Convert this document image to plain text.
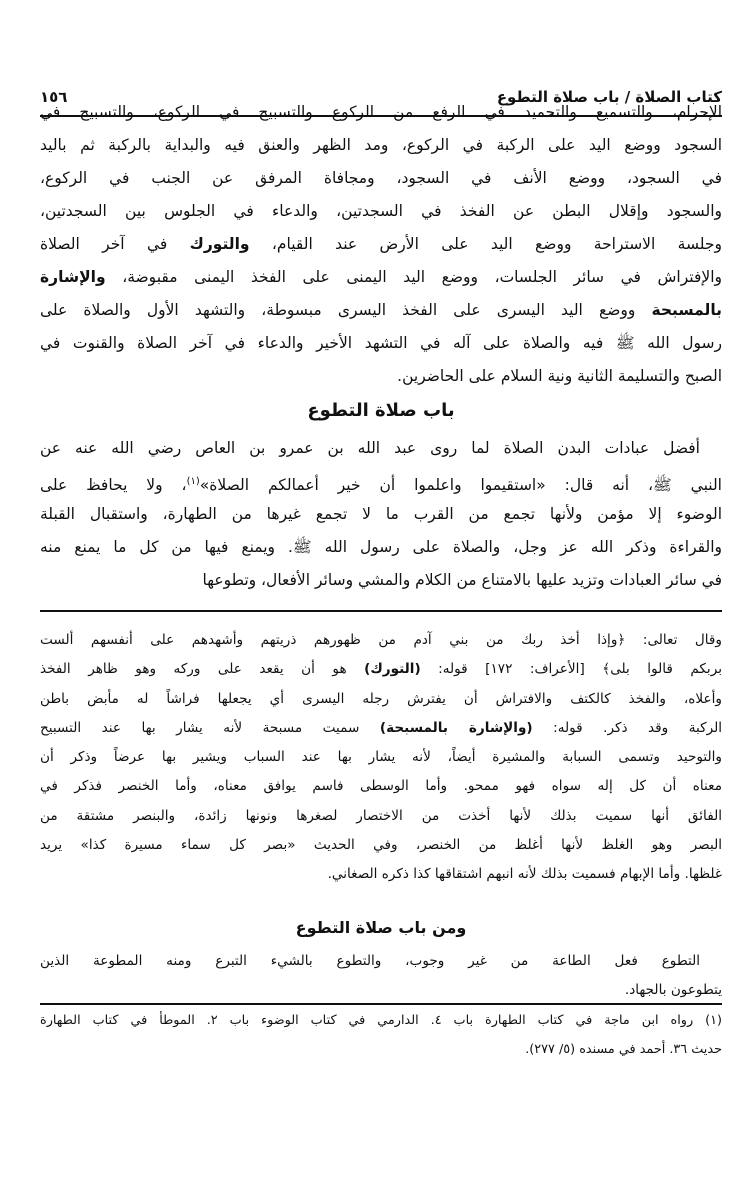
كتاب الصلاة / باب صلاة التطوع
١٥٦
الإحرام، والتسميع والتحميد في الرفع من الركوع والتسبيح في الركوع، والتسبيح في
السجود ووضع اليد على الركبة في الركوع، ومد الظهر والعنق فيه والبداية بالركبة ثم باليد
في السجود، ووضع الأنف في السجود، ومجافاة المرفق عن الجنب في الركوع،
والسجود وإقلال البطن عن الفخذ في السجدتين، والدعاء في الجلوس بين السجدتين،
وجلسة الاستراحة ووضع اليد على الأرض عند القيام، والتورك في آخر الصلاة
والإفتراش في سائر الجلسات، ووضع اليد اليمنى على الفخذ اليمنى مقبوضة، والإشارة
بالمسبحة ووضع اليد اليسرى على الفخذ اليسرى مبسوطة، والتشهد الأول والصلاة على
رسول الله ﷺ فيه والصلاة على آله في التشهد الأخير والدعاء في آخر الصلاة والقنوت في
الصبح والتسليمة الثانية ونية السلام على الحاضرين.
باب صلاة التطوع
أفضل عبادات البدن الصلاة لما روى عبد الله بن عمرو بن العاص رضي الله عنه عن
النبي ﷺ، أنه قال: «استقيموا واعلموا أن خير أعمالكم الصلاة»$^{(١)}$، ولا يحافظ على
الوضوء إلا مؤمن ولأنها تجمع من القرب ما لا تجمع غيرها من الطهارة، واستقبال القبلة
والقراءة وذكر الله عز وجل، والصلاة على رسول الله ﷺ. ويمنع فيها من كل ما يمنع منه
في سائر العبادات وتزيد عليها بالامتناع من الكلام والمشي وسائر الأفعال، وتطوعها
وقال تعالى: ﴿وإذا أخذ ربك من بني آدم من ظهورهم ذريتهم وأشهدهم على أنفسهم ألست
بربكم قالوا بلى﴾ [الأعراف: ١٧٢] قوله: (التورك) هو أن يقعد على وركه وهو ظاهر الفخذ
وأعلاه، والفخذ كالكتف والافتراش أن يفترش رجله اليسرى أي يجعلها فراشاً له مأبض باطن
الركبة وقد ذكر. قوله: (والإشارة بالمسبحة) سميت مسبحة لأنه يشار بها عند التسبيح
والتوحيد وتسمى السبابة والمشيرة أيضاً، لأنه يشار بها عند السباب ويشير بها عرضاً وذكر أن
معناه أن كل إله سواه فهو ممحو. وأما الوسطى فاسم يوافق معناه، وأما الخنصر فذكر في
الفائق أنها سميت بذلك لأنها أخذت من الاختصار لصغرها ونونها زائدة، والبنصر مشتقة من
البصر وهو الغلظ لأنها أغلظ من الخنصر، وفي الحديث «بصر كل سماء مسيرة كذا» يريد
غلظها. وأما الإبهام فسميت بذلك لأنه انبهم اشتقاقها كذا ذكره الصغاني.
ومن باب صلاة التطوع
التطوع فعل الطاعة من غير وجوب، والتطوع بالشيء التبرع ومنه المطوعة الذين
يتطوعون بالجهاد.
(١) رواه ابن ماجة في كتاب الطهارة باب ٤. الدارمي في كتاب الوضوء باب ٢. الموطأ في كتاب الطهارة
حديث ٣٦. أحمد في مسنده (٥/ ٢٧٧).
